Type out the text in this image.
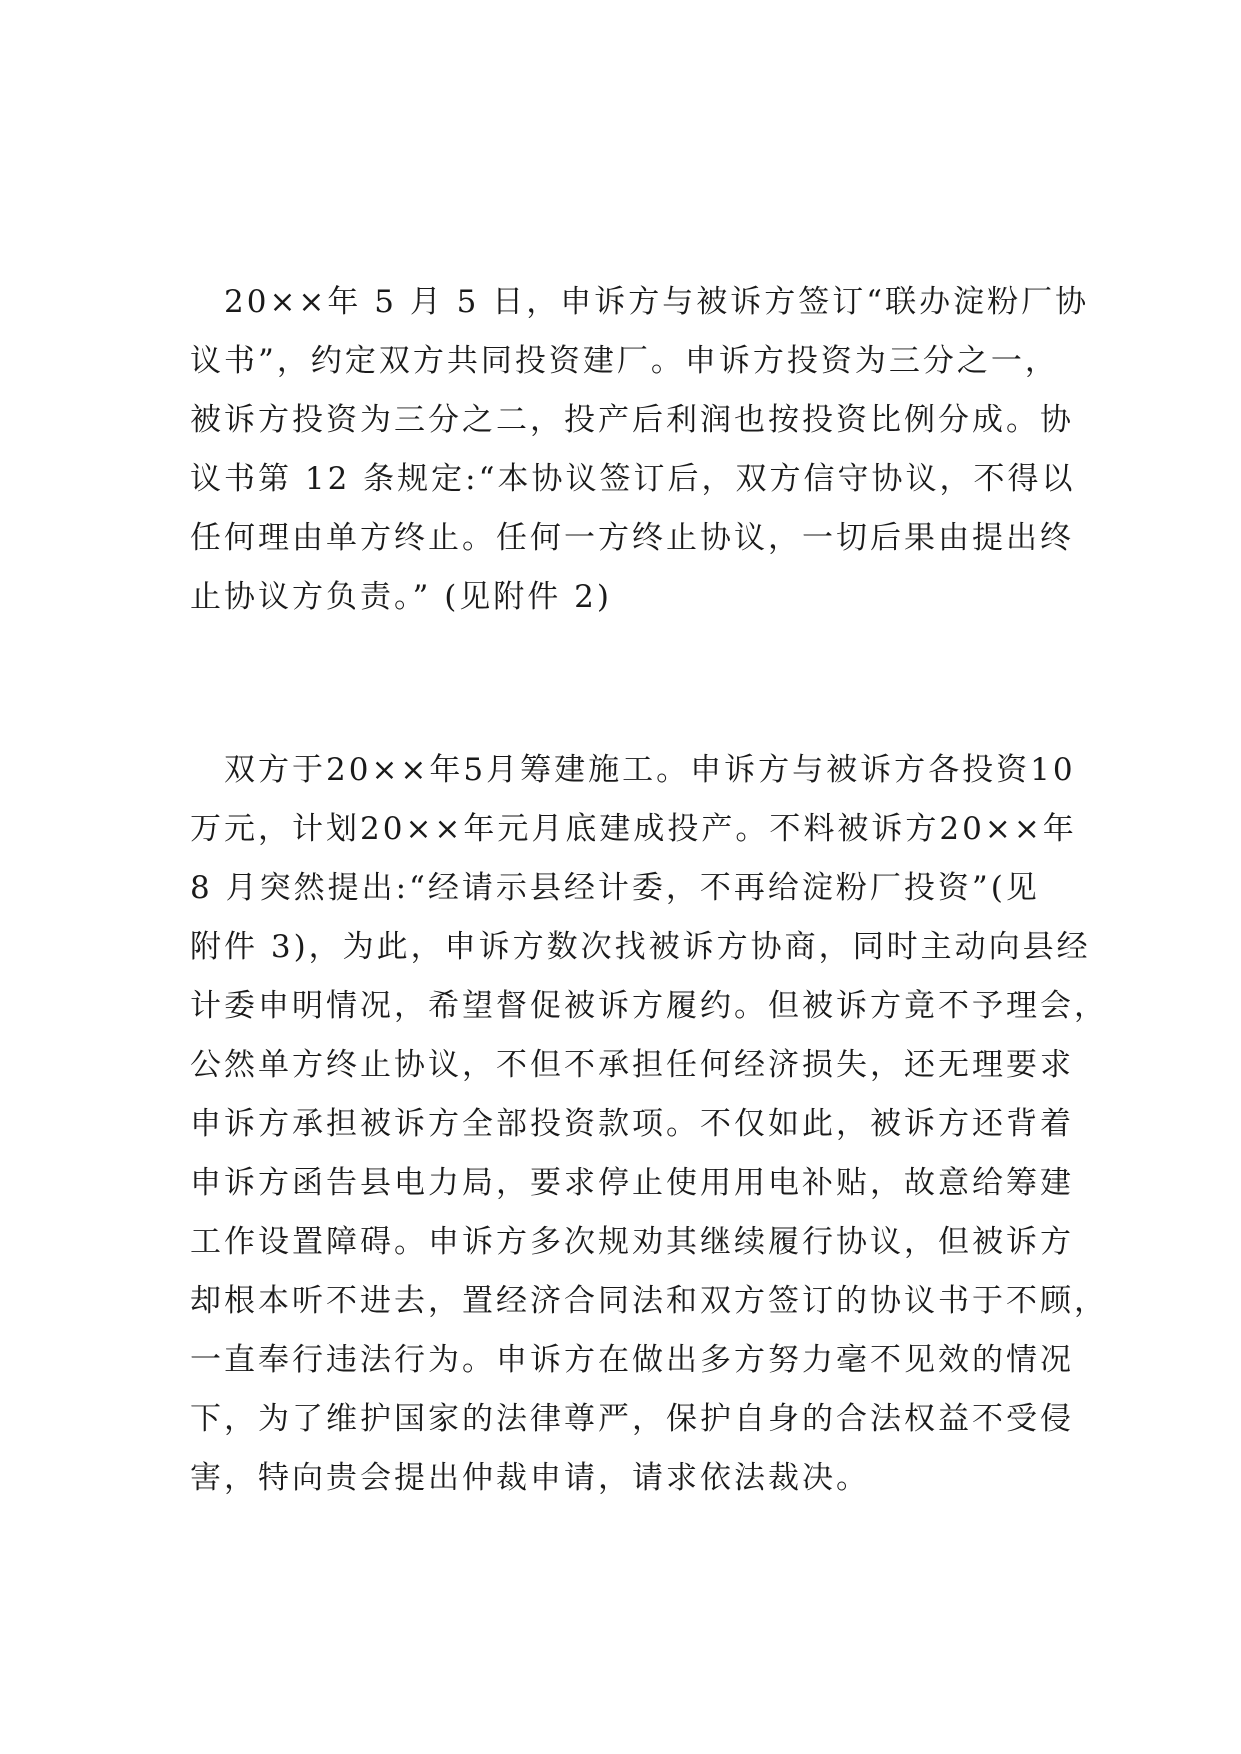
　20××年 5 月 5 日，申诉方与被诉方签订“联办淀粉厂协
议书”，约定双方共同投资建厂。申诉方投资为三分之一，
被诉方投资为三分之二，投产后利润也按投资比例分成。协
议书第 12 条规定:“本协议签订后，双方信守协议，不得以
任何理由单方终止。任何一方终止协议，一切后果由提出终
止协议方负责。” (见附件 2)
　双方于20××年5月筹建施工。申诉方与被诉方各投资10
万元，计划20××年元月底建成投产。不料被诉方20××年
8 月突然提出:“经请示县经计委，不再给淀粉厂投资”(见
附件 3)，为此，申诉方数次找被诉方协商，同时主动向县经
计委申明情况，希望督促被诉方履约。但被诉方竟不予理会，
公然单方终止协议，不但不承担任何经济损失，还无理要求
申诉方承担被诉方全部投资款项。不仅如此，被诉方还背着
申诉方函告县电力局，要求停止使用用电补贴，故意给筹建
工作设置障碍。申诉方多次规劝其继续履行协议，但被诉方
却根本听不进去，置经济合同法和双方签订的协议书于不顾，
一直奉行违法行为。申诉方在做出多方努力毫不见效的情况
下，为了维护国家的法律尊严，保护自身的合法权益不受侵
害，特向贵会提出仲裁申请，请求依法裁决。
